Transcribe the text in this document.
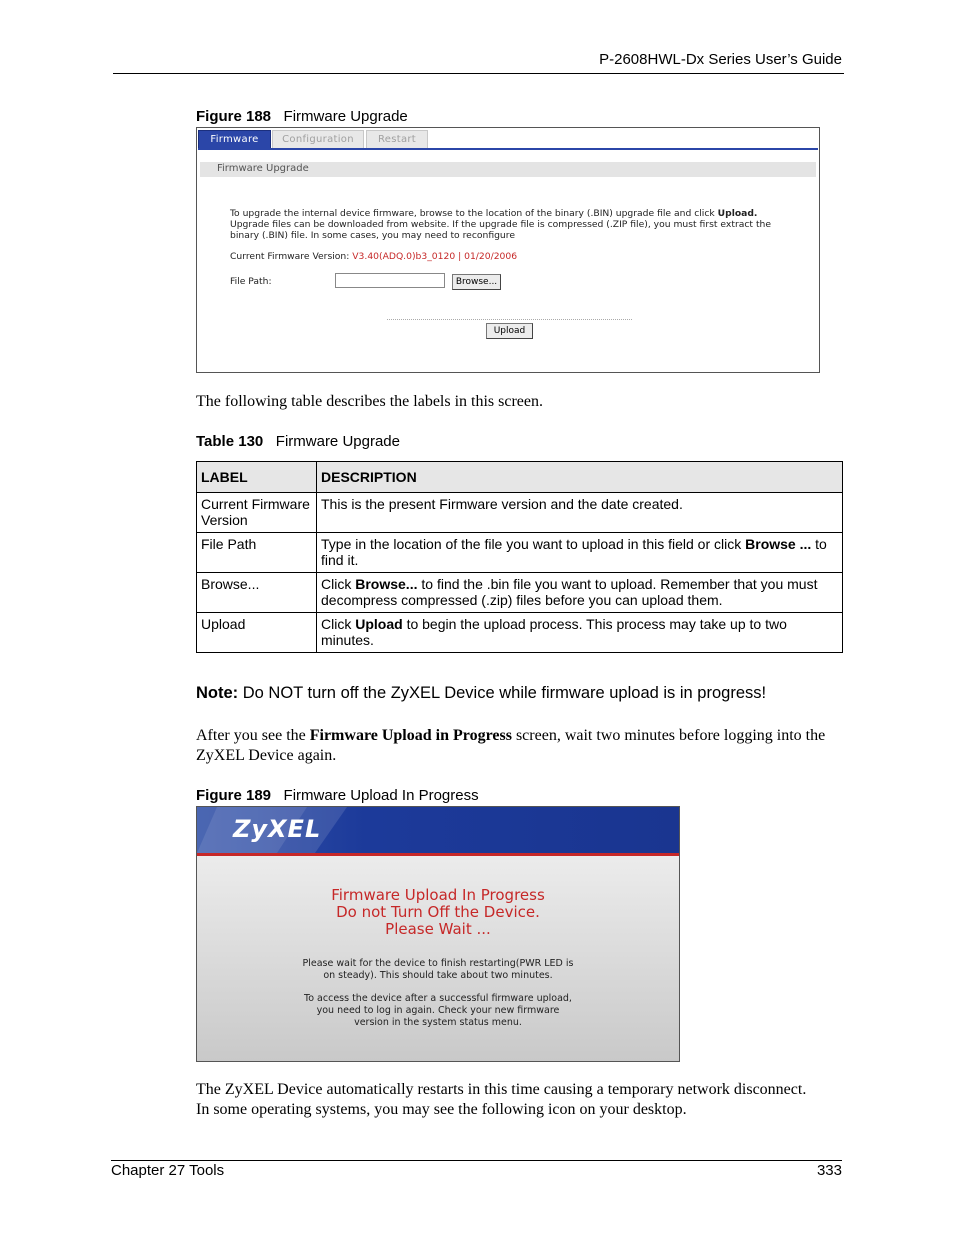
P-2608HWL-Dx Series User’s Guide
Figure 188 Firmware Upgrade
Firmware	Configuration	Restart
Firmware Upgrade
To upgrade the internal device firmware, browse to the location of the binary (.BIN) upgrade file and click Upload. Upgrade files can be downloaded from website. If the upgrade file is compressed (.ZIP file), you must first extract the binary (.BIN) file. In some cases, you may need to reconfigure
Current Firmware Version: V3.40(ADQ.0)b3_0120 | 01/20/2006
File Path:	Browse...
Upload
The following table describes the labels in this screen.
Table 130 Firmware Upgrade
LABEL	DESCRIPTION
Current Firmware Version	This is the present Firmware version and the date created.
File Path	Type in the location of the file you want to upload in this field or click Browse ... to find it.
Browse...	Click Browse... to find the .bin file you want to upload. Remember that you must decompress compressed (.zip) files before you can upload them.
Upload	Click Upload to begin the upload process. This process may take up to two minutes.
Note: Do NOT turn off the ZyXEL Device while firmware upload is in progress!
After you see the Firmware Upload in Progress screen, wait two minutes before logging into the ZyXEL Device again.
Figure 189 Firmware Upload In Progress
ZyXEL
Firmware Upload In Progress
Do not Turn Off the Device.
Please Wait ...
Please wait for the device to finish restarting(PWR LED is
on steady). This should take about two minutes.
To access the device after a successful firmware upload,
you need to log in again. Check your new firmware
version in the system status menu.
The ZyXEL Device automatically restarts in this time causing a temporary network disconnect. In some operating systems, you may see the following icon on your desktop.
Chapter 27 Tools	333
